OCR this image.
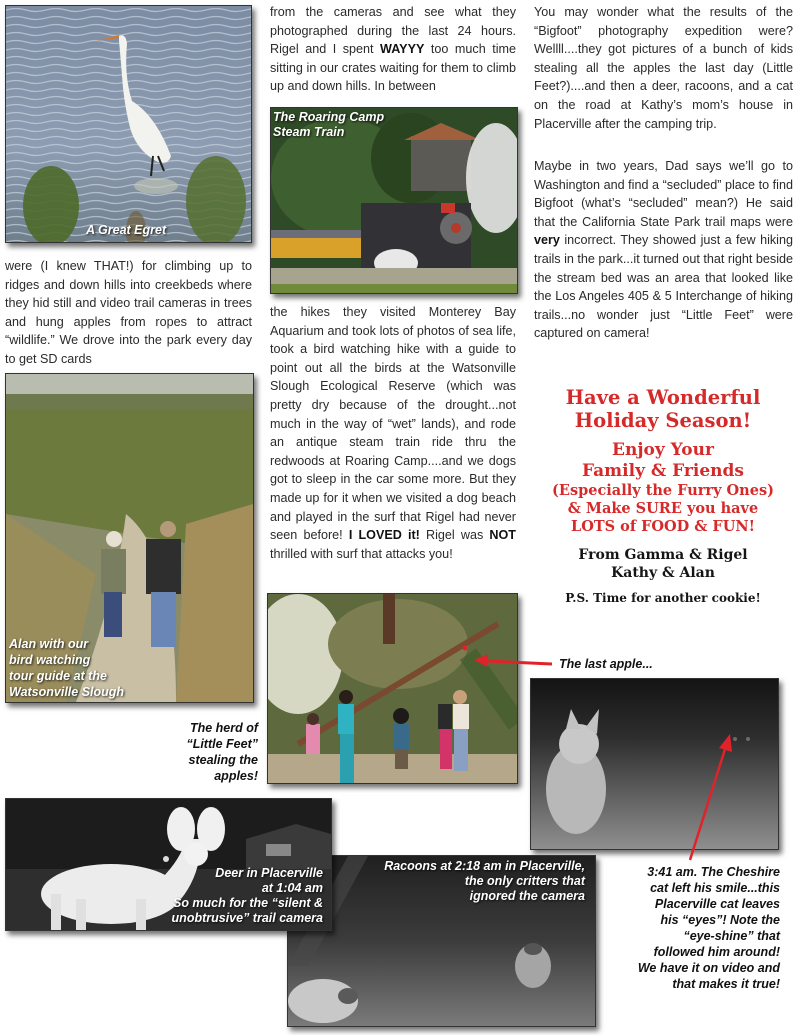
A Great Egret
The Roaring Camp
Steam Train
Alan with our
bird watching
tour guide at the
Watsonville Slough
The herd of
“Little Feet”
stealing the
apples!
The last apple...
3:41 am. The Cheshire
cat left his smile...this
Placerville cat leaves
his “eyes”! Note the
“eye-shine” that
followed him around!
We have it on video and
that makes it true!
Deer in Placerville
at 1:04 am
So much for the “silent &
unobtrusive” trail camera
Racoons at 2:18 am in Placerville,
the only critters that
ignored the camera

were (I knew THAT!) for climbing up to ridges and down hills into creekbeds where they hid still and video trail cameras in trees and hung apples from ropes to attract “wildlife.” We drove into the park every day to get SD cards

from the cameras and see what they photographed during the last 24 hours. Rigel and I spent WAYYY too much time sitting in our crates waiting for them to climb up and down hills. In between

the hikes they visited Monterey Bay Aquarium and took lots of photos of sea life, took a bird watching hike with a guide to point out all the birds at the Watsonville Slough Ecological Reserve (which was pretty dry because of the drought...not much in the way of “wet” lands), and rode an antique steam train ride thru the redwoods at Roaring Camp....and we dogs got to sleep in the car some more. But they made up for it when we visited a dog beach and played in the surf that Rigel had never seen before! I LOVED it! Rigel was NOT thrilled with surf that attacks you!

You may wonder what the results of the “Bigfoot” photography expedition were? Wellll....they got pictures of a bunch of kids stealing all the apples the last day (Little Feet?)....and then a deer, racoons, and a cat on the road at Kathy’s mom’s house in Placerville after the camping trip.

Maybe in two years, Dad says we’ll go to Washington and find a “secluded” place to find Bigfoot (what’s “secluded” mean?) He said that the California State Park trail maps were very incorrect. They showed just a few hiking trails in the park...it turned out that right beside the stream bed was an area that looked like the Los Angeles 405 & 5 Interchange of hiking trails...no wonder just “Little Feet” were captured on camera!

Have a Wonderful
Holiday Season!
Enjoy Your
Family & Friends
(Especially the Furry Ones)
& Make SURE you have
LOTS of FOOD & FUN!
From Gamma & Rigel
Kathy & Alan
P.S. Time for another cookie!
